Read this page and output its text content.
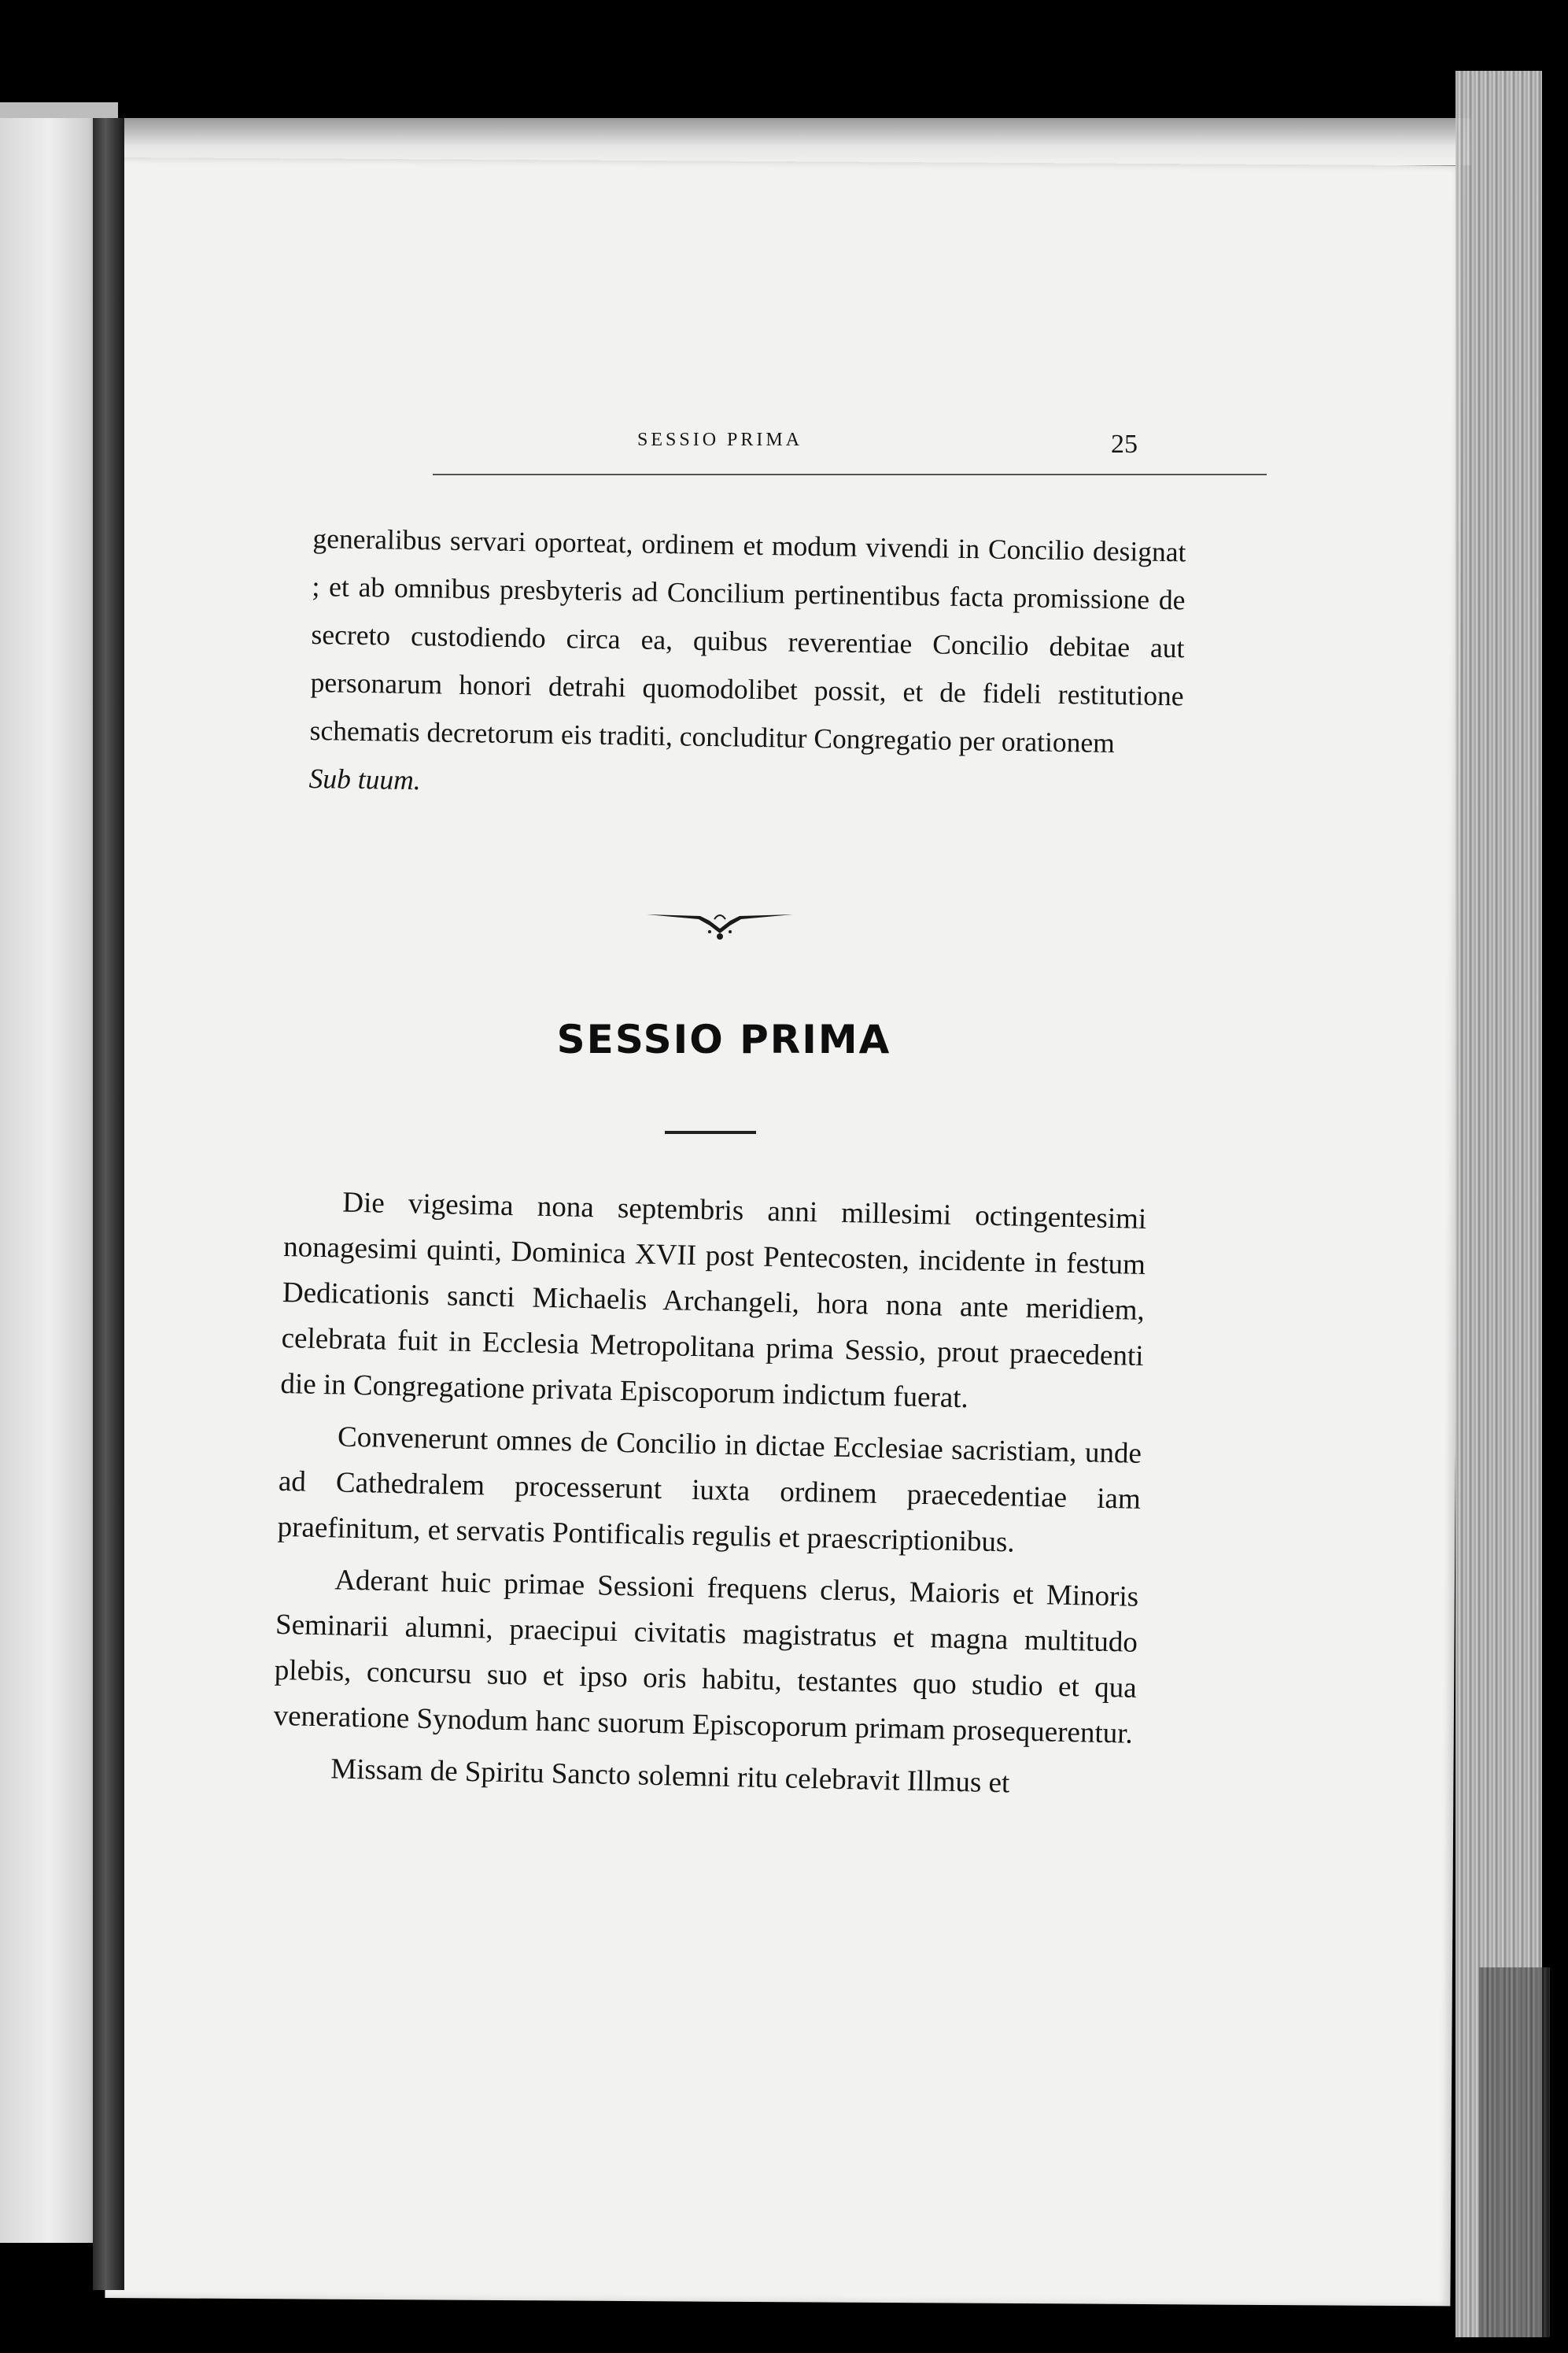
SESSIO PRIMA	25

generalibus servari oporteat, ordinem et modum vivendi in Concilio designat ; et ab omnibus presbyteris ad Concilium pertinentibus facta promissione de secreto custodiendo circa ea, quibus reverentiae Concilio debitae aut personarum honori detrahi quomodolibet possit, et de fideli restitutione schematis decretorum eis traditi, concluditur Congregatio per orationem
Sub tuum.

SESSIO PRIMA

Die vigesima nona septembris anni millesimi octingentesimi nonagesimi quinti, Dominica XVII post Pentecosten, incidente in festum Dedicationis sancti Michaelis Archangeli, hora nona ante meridiem, celebrata fuit in Ecclesia Metropolitana prima Sessio, prout praecedenti die in Congregatione privata Episcoporum indictum fuerat.

Convenerunt omnes de Concilio in dictae Ecclesiae sacristiam, unde ad Cathedralem processerunt iuxta ordinem praecedentiae iam praefinitum, et servatis Pontificalis regulis et praescriptionibus.

Aderant huic primae Sessioni frequens clerus, Maioris et Minoris Seminarii alumni, praecipui civitatis magistratus et magna multitudo plebis, concursu suo et ipso oris habitu, testantes quo studio et qua veneratione Synodum hanc suorum Episcoporum primam prosequerentur.

Missam de Spiritu Sancto solemni ritu celebravit Illmus et
